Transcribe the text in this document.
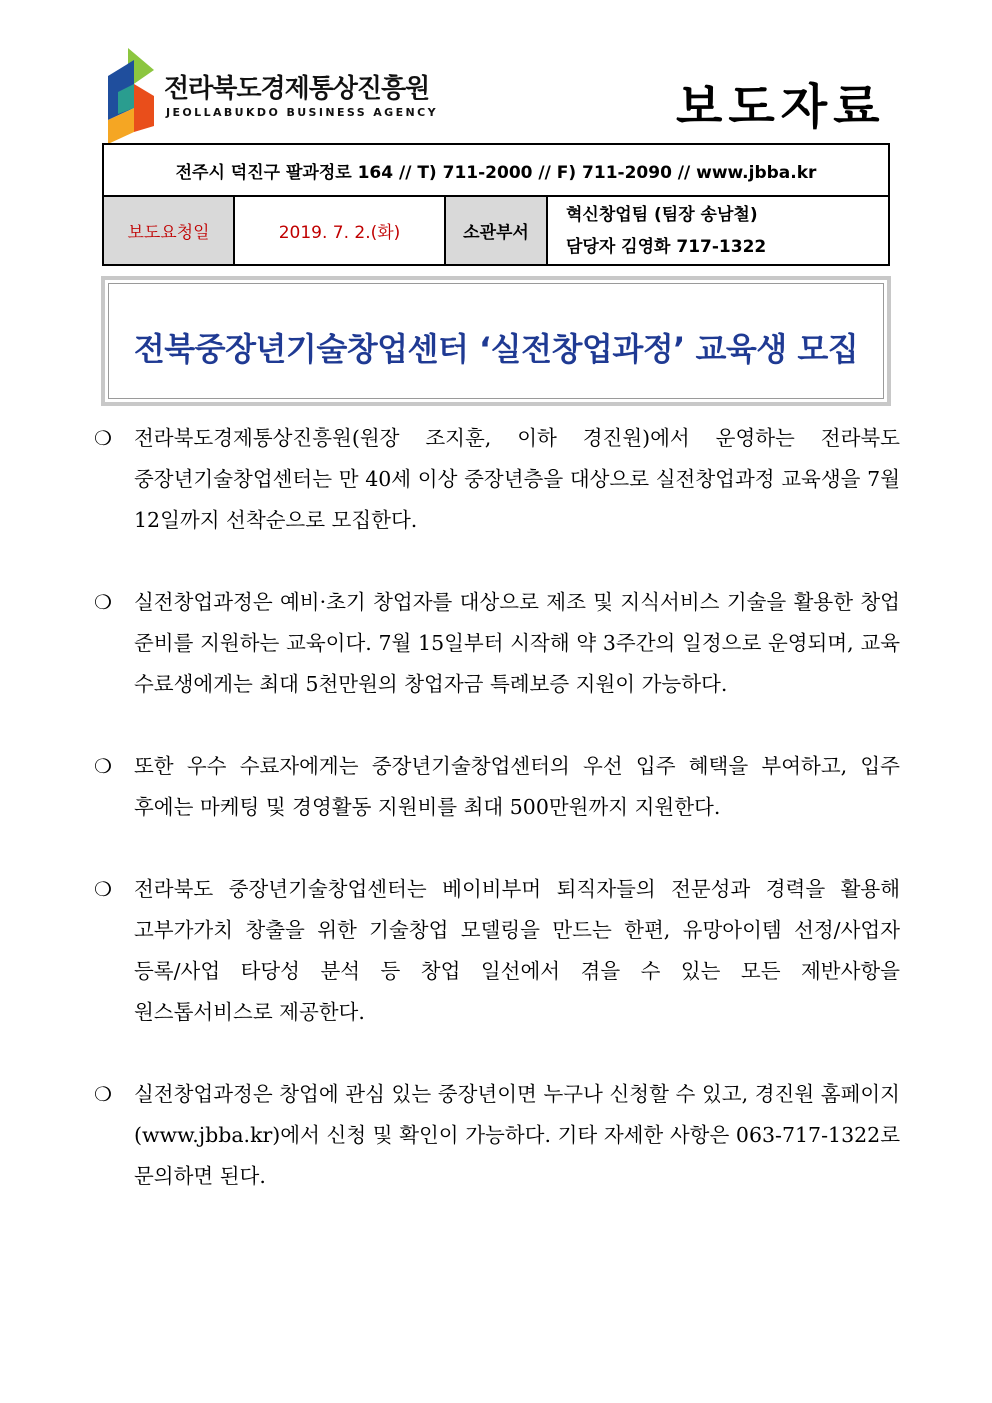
전라북도경제통상진흥원
JEOLLABUKDO BUSINESS AGENCY	보도자료
전주시 덕진구 팔과정로 164 // T) 711-2000 // F) 711-2090 // www.jbba.kr
보도요청일	2019. 7. 2.(화)	소관부서	
혁신창업팀 (팀장 송남철)
담당자 김영화 717-1322
전북중장년기술창업센터 ‘실전창업과정’ 교육생 모집

❍ 전라북도경제통상진흥원(원장 조지훈, 이하 경진원)에서 운영하는 전라북도 중장년기술창업센터는 만 40세 이상 중장년층을 대상으로 실전창업과정 교육생을 7월 12일까지 선착순으로 모집한다.

❍ 실전창업과정은 예비·초기 창업자를 대상으로 제조 및 지식서비스 기술을 활용한 창업 준비를 지원하는 교육이다. 7월 15일부터 시작해 약 3주간의 일정으로 운영되며, 교육 수료생에게는 최대 5천만원의 창업자금 특례보증 지원이 가능하다.

❍ 또한 우수 수료자에게는 중장년기술창업센터의 우선 입주 혜택을 부여하고, 입주 후에는 마케팅 및 경영활동 지원비를 최대 500만원까지 지원한다.

❍ 전라북도 중장년기술창업센터는 베이비부머 퇴직자들의 전문성과 경력을 활용해 고부가가치 창출을 위한 기술창업 모델링을 만드는 한편, 유망아이템 선정/사업자 등록/사업 타당성 분석 등 창업 일선에서 겪을 수 있는 모든 제반사항을 원스톱서비스로 제공한다.

❍ 실전창업과정은 창업에 관심 있는 중장년이면 누구나 신청할 수 있고, 경진원 홈페이지(www.jbba.kr)에서 신청 및 확인이 가능하다. 기타 자세한 사항은 063-717-1322로 문의하면 된다.
